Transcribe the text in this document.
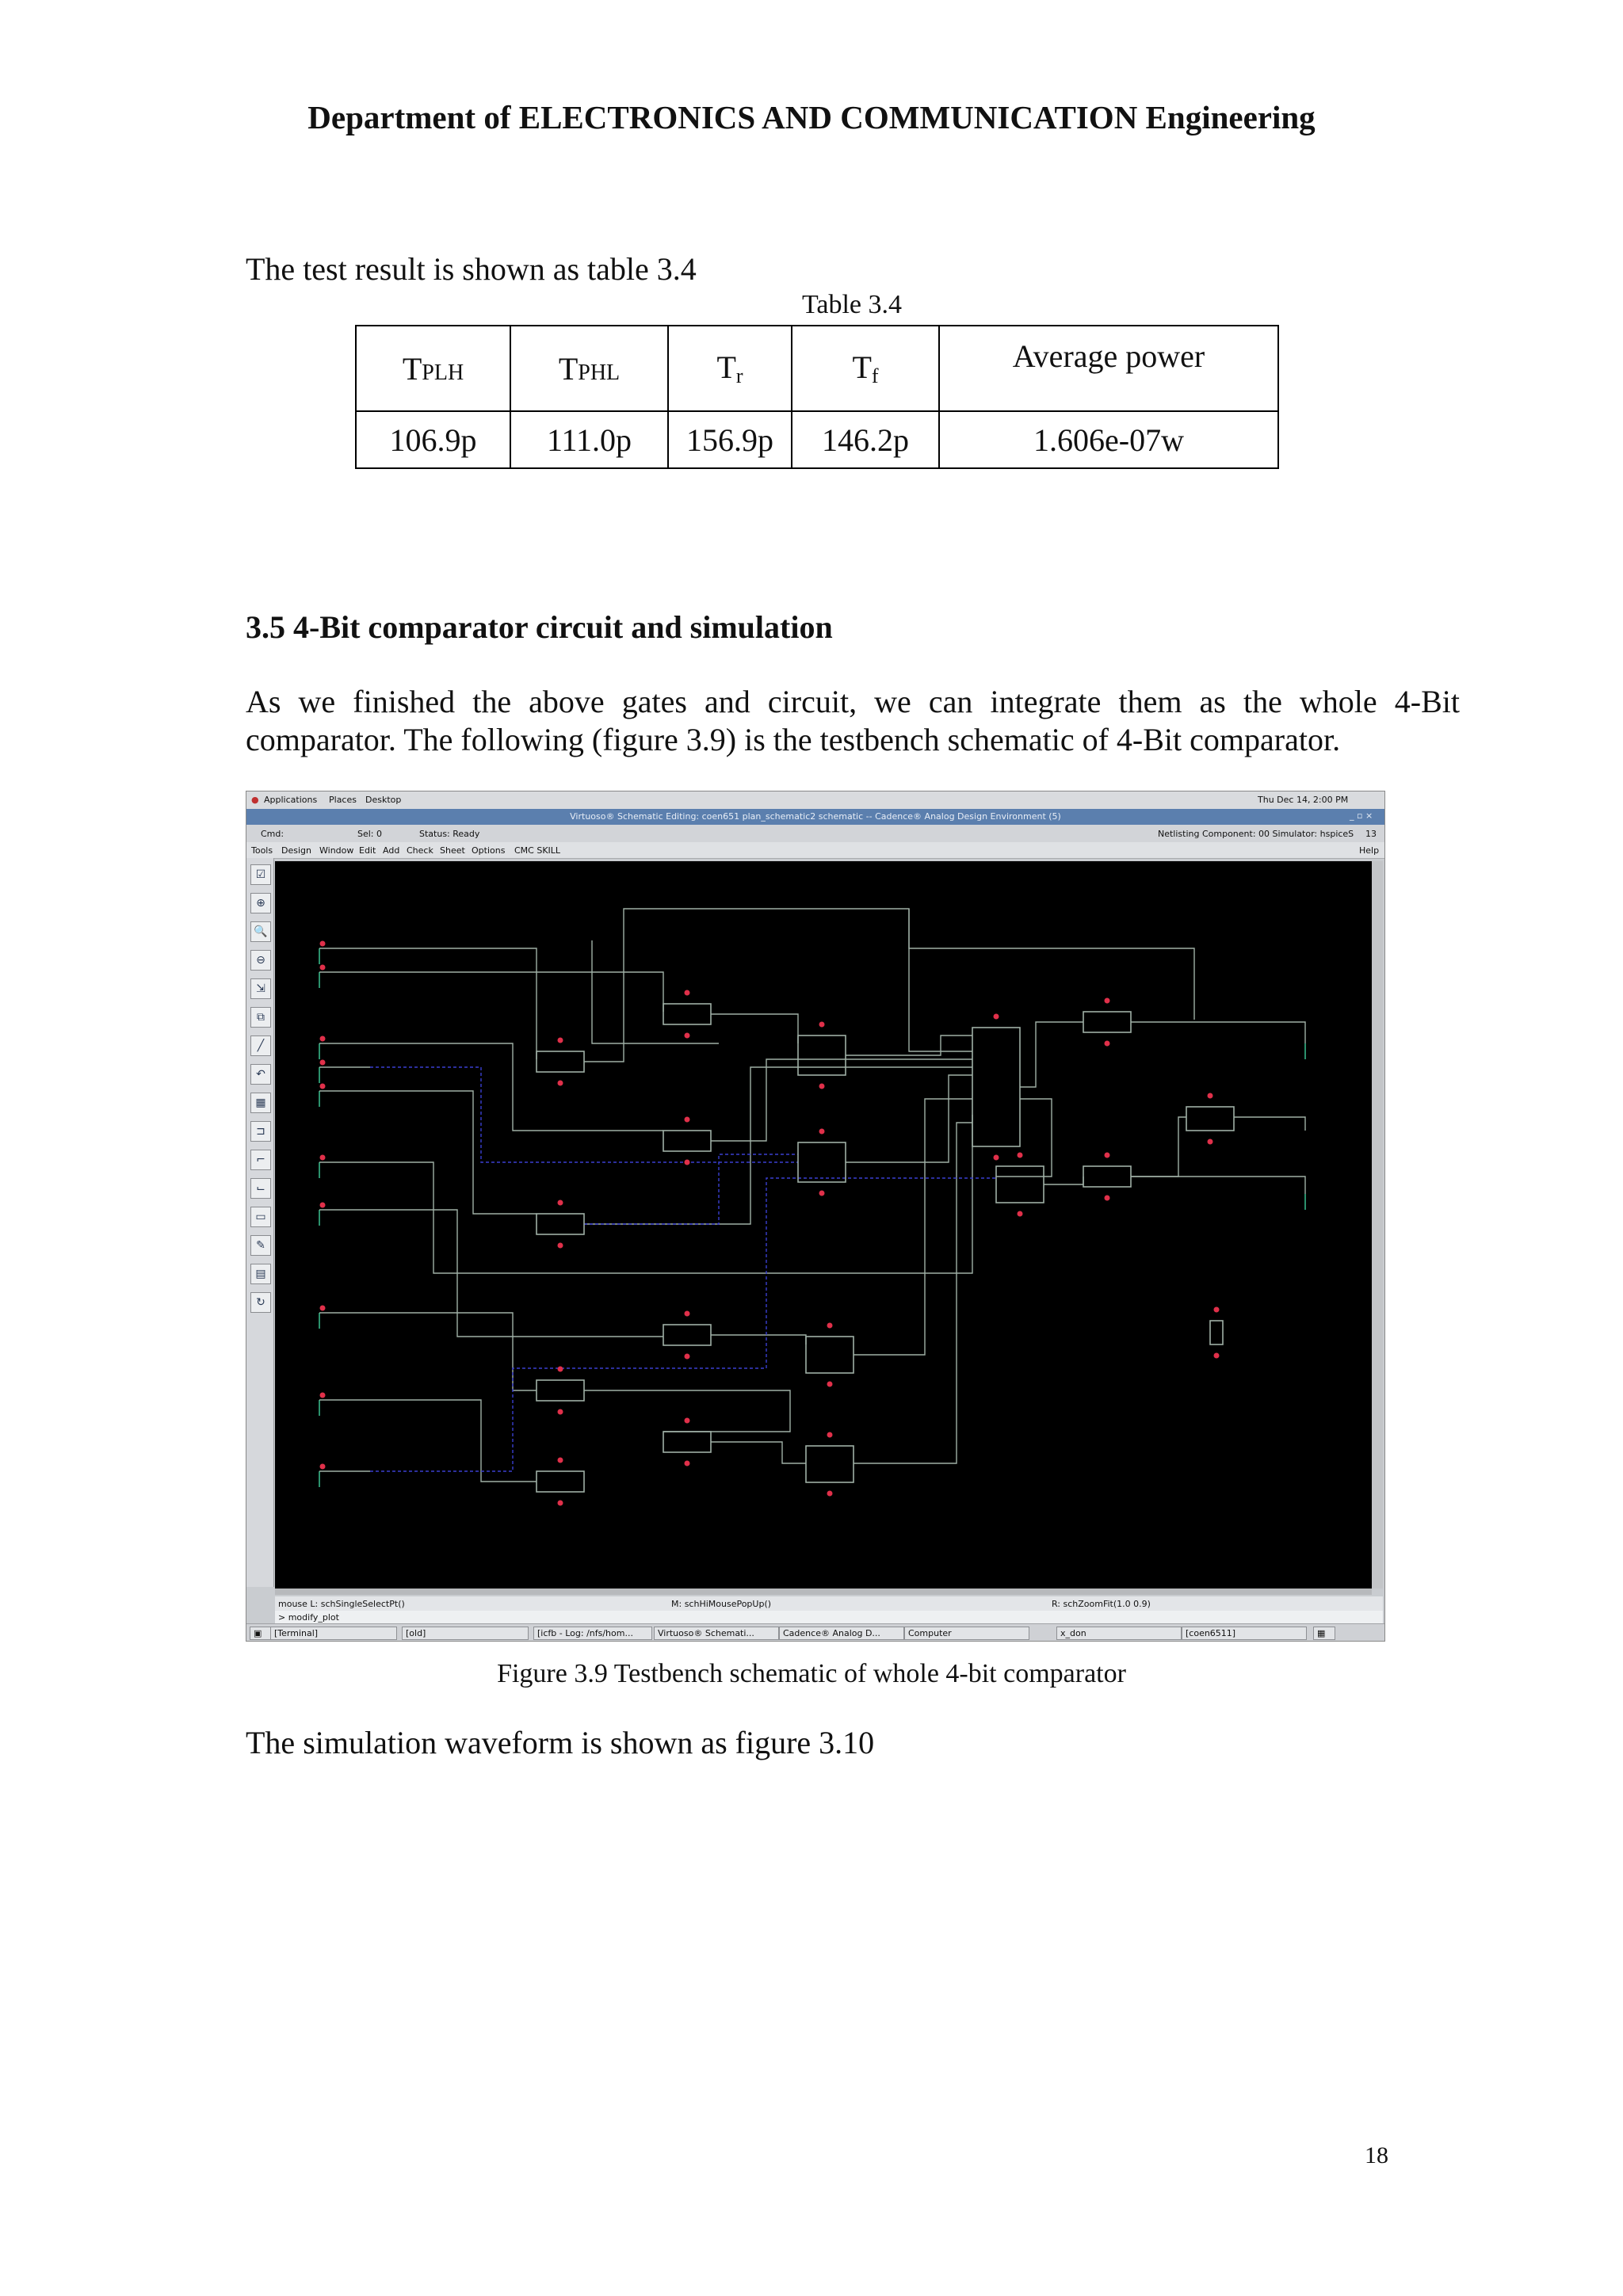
Department of ELECTRONICS AND COMMUNICATION Engineering
The test result is shown as table 3.4
Table 3.4
TPLH	TPHL	Tr	Tf	Average power
106.9p	111.0p	156.9p	146.2p	1.606e-07w
3.5 4-Bit comparator circuit and simulation
As we finished the above gates and circuit, we can integrate them as the whole 4-Bit
comparator. The following (figure 3.9) is the testbench schematic of 4-Bit comparator.
● Applications Places Desktop	Thu Dec 14, 2:00 PM
Virtuoso® Schematic Editing: coen651 plan_schematic2 schematic -- Cadence® Analog Design Environment (5)	_ ▫ ×
Cmd:	Sel: 0	Status: Ready	Netlisting Component: 00 Simulator: hspiceS 13
Tools Design Window Edit Add Check Sheet Options CMC SKILL	Help
☑
⊕
🔍
⊖
⇲
⧉
╱
↶
▦
⊐
⌐
⌙
▭
✎
▤
↻
mouse L: schSingleSelectPt()	M: schHiMousePopUp()	R: schZoomFit(1.0 0.9)
> modify_plot
▣	[Terminal]	[old]	[icfb - Log: /nfs/hom...	Virtuoso® Schemati...	Cadence® Analog D...	Computer	x_don	[coen6511]	▦
Figure 3.9 Testbench schematic of whole 4-bit comparator
The simulation waveform is shown as figure 3.10
18
